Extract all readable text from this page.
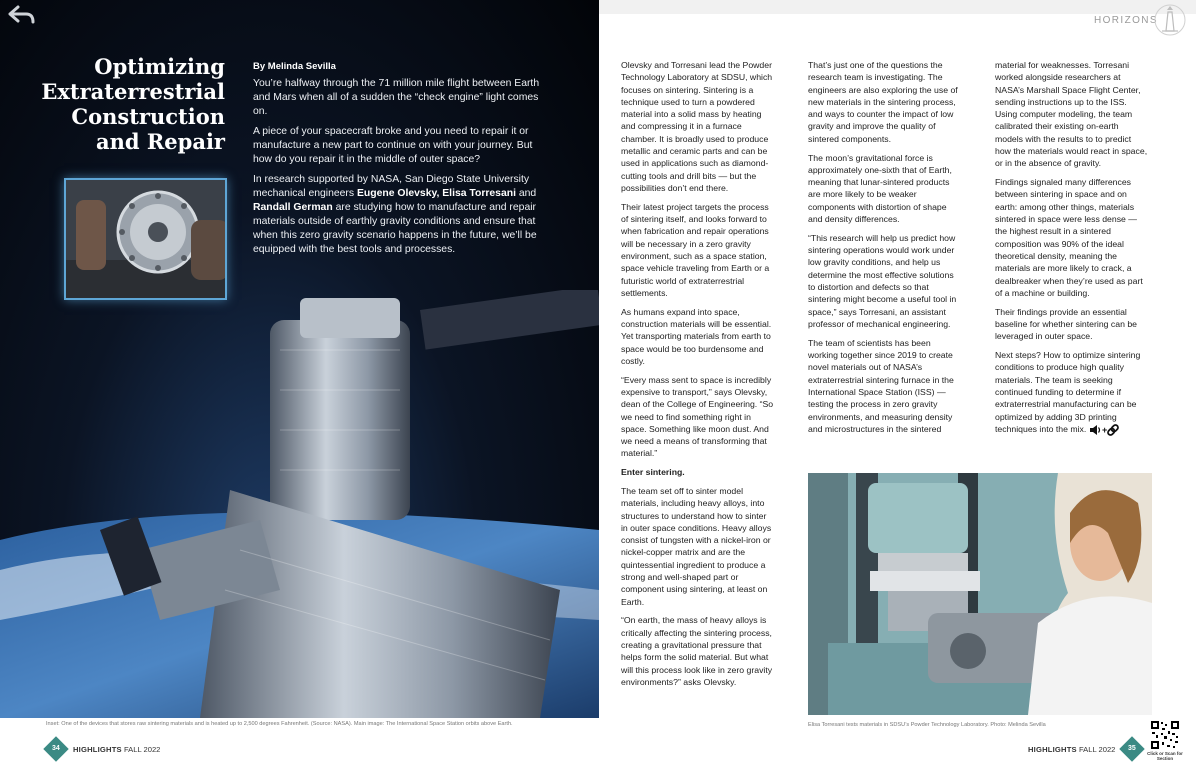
Optimizing
Extraterrestrial
Construction
and Repair
By Melinda Sevilla

You’re halfway through the 71 million mile flight between Earth and Mars when all of a sudden the “check engine” light comes on.

A piece of your spacecraft broke and you need to repair it or manufacture a new part to continue on with your journey. But how do you repair it in the middle of outer space?

In research supported by NASA, San Diego State University mechanical engineers Eugene Olevsky, Elisa Torresani and Randall German are studying how to manufacture and repair materials outside of earthly gravity conditions and ensure that when this zero gravity scenario happens in the future, we’ll be equipped with the best tools and processes.

Inset: One of the devices that stores raw sintering materials and is heated up to 2,500 degrees Fahrenheit. (Source: NASA). Main image: The International Space Station orbits above Earth.
34	HIGHLIGHTS FALL 2022
HORIZONS

Olevsky and Torresani lead the Powder Technology Laboratory at SDSU, which focuses on sintering. Sintering is a technique used to turn a powdered material into a solid mass by heating and compressing it in a furnace chamber. It is broadly used to produce metallic and ceramic parts and can be used in applications such as diamond-cutting tools and drill bits — but the possibilities don’t end there.

Their latest project targets the process of sintering itself, and looks forward to when fabrication and repair operations will be necessary in a zero gravity environment, such as a space station, space vehicle traveling from Earth or a futuristic world of extraterrestrial settlements.

As humans expand into space, construction materials will be essential. Yet transporting materials from earth to space would be too burdensome and costly.

“Every mass sent to space is incredibly expensive to transport,” says Olevsky, dean of the College of Engineering. “So we need to find something right in space. Something like moon dust. And we need a means of transforming that material.”

Enter sintering.

The team set off to sinter model materials, including heavy alloys, into structures to understand how to sinter in outer space conditions. Heavy alloys consist of tungsten with a nickel-iron or nickel-copper matrix and are the quintessential ingredient to produce a strong and well-shaped part or component using sintering, at least on Earth.

“On earth, the mass of heavy alloys is critically affecting the sintering process, creating a gravitational pressure that helps form the solid material. But what will this process look like in zero gravity environments?” asks Olevsky.

That’s just one of the questions the research team is investigating. The engineers are also exploring the use of new materials in the sintering process, and ways to counter the impact of low gravity and improve the quality of sintered components.

The moon’s gravitational force is approximately one-sixth that of Earth, meaning that lunar-sintered products are more likely to be weaker components with distortion of shape and density differences.

“This research will help us predict how sintering operations would work under low gravity conditions, and help us determine the most effective solutions to distortion and defects so that sintering might become a useful tool in space,” says Torresani, an assistant professor of mechanical engineering.

The team of scientists has been working together since 2019 to create novel materials out of NASA’s extraterrestrial sintering furnace in the International Space Station (ISS) — testing the process in zero gravity environments, and measuring density and microstructures in the sintered

material for weaknesses. Torresani worked alongside researchers at NASA’s Marshall Space Flight Center, sending instructions up to the ISS. Using computer modeling, the team calibrated their existing on-earth models with the results to to predict how the materials would react in space, or in the absence of gravity.

Findings signaled many differences between sintering in space and on earth: among other things, materials sintered in space were less dense — the highest result in a sintered composition was 90% of the ideal theoretical density, meaning the materials are more likely to crack, a dealbreaker when they’re used as part of a machine or building.

Their findings provide an essential baseline for whether sintering can be leveraged in outer space.

Next steps? How to optimize sintering conditions to produce high quality materials. The team is seeking continued funding to determine if extraterrestrial manufacturing can be optimized by adding 3D printing techniques into the mix. +

Elisa Torresani tests materials in SDSU’s Powder Technology Laboratory. Photo: Melinda Sevilla
HIGHLIGHTS FALL 2022	35
Click or Scan for Section
